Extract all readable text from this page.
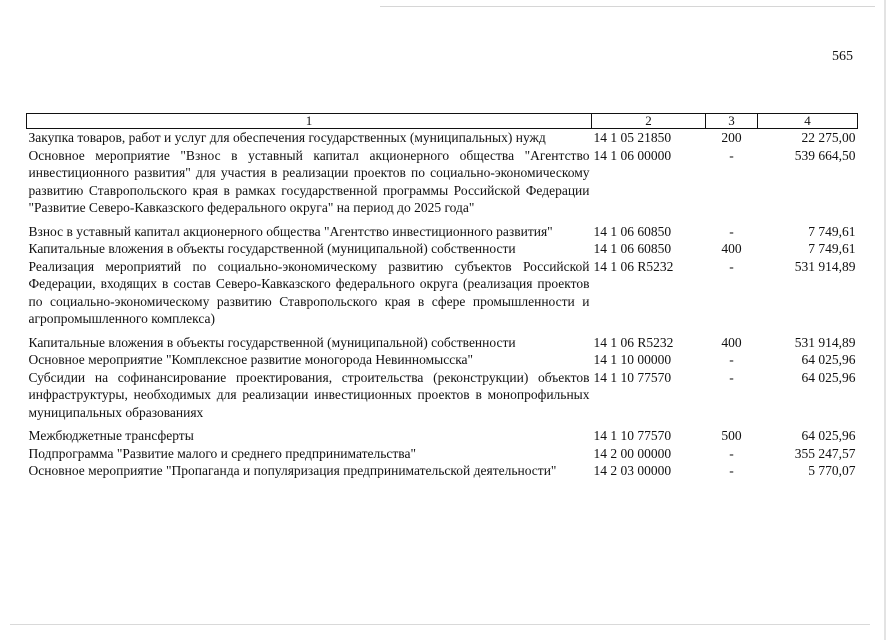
565
1	2	3	4
Закупка товаров, работ и услуг для обеспечения государственных (муниципальных) нужд	14 1 05 21850	200	22 275,00
Основное мероприятие "Взнос в уставный капитал акционерного общества "Агентство инвестиционного развития" для участия в реализации проектов по социально-экономическому развитию Ставропольского края в рамках государственной программы Российской Федерации "Развитие Северо-Кавказского федерального округа" на период до 2025 года"	14 1 06 00000	-	539 664,50
Взнос в уставный капитал акционерного общества "Агентство инвестиционного развития"	14 1 06 60850	-	7 749,61
Капитальные вложения в объекты государственной (муниципальной) собственности	14 1 06 60850	400	7 749,61
Реализация мероприятий по социально-экономическому развитию субъектов Российской Федерации, входящих в состав Северо-Кавказского федерального округа (реализация проектов по социально-экономическому развитию Ставропольского края в сфере промышленности и агропромышленного комплекса)	14 1 06 R5232	-	531 914,89
Капитальные вложения в объекты государственной (муниципальной) собственности	14 1 06 R5232	400	531 914,89
Основное мероприятие "Комплексное развитие моногорода Невинномысска"	14 1 10 00000	-	64 025,96
Субсидии на софинансирование проектирования, строительства (реконструкции) объектов инфраструктуры, необходимых для реализации инвестиционных проектов в монопрофильных муниципальных образованиях	14 1 10 77570	-	64 025,96
Межбюджетные трансферты	14 1 10 77570	500	64 025,96
Подпрограмма "Развитие малого и среднего предпринимательства"	14 2 00 00000	-	355 247,57
Основное мероприятие "Пропаганда и популяризация предпринимательской деятельности"	14 2 03 00000	-	5 770,07
